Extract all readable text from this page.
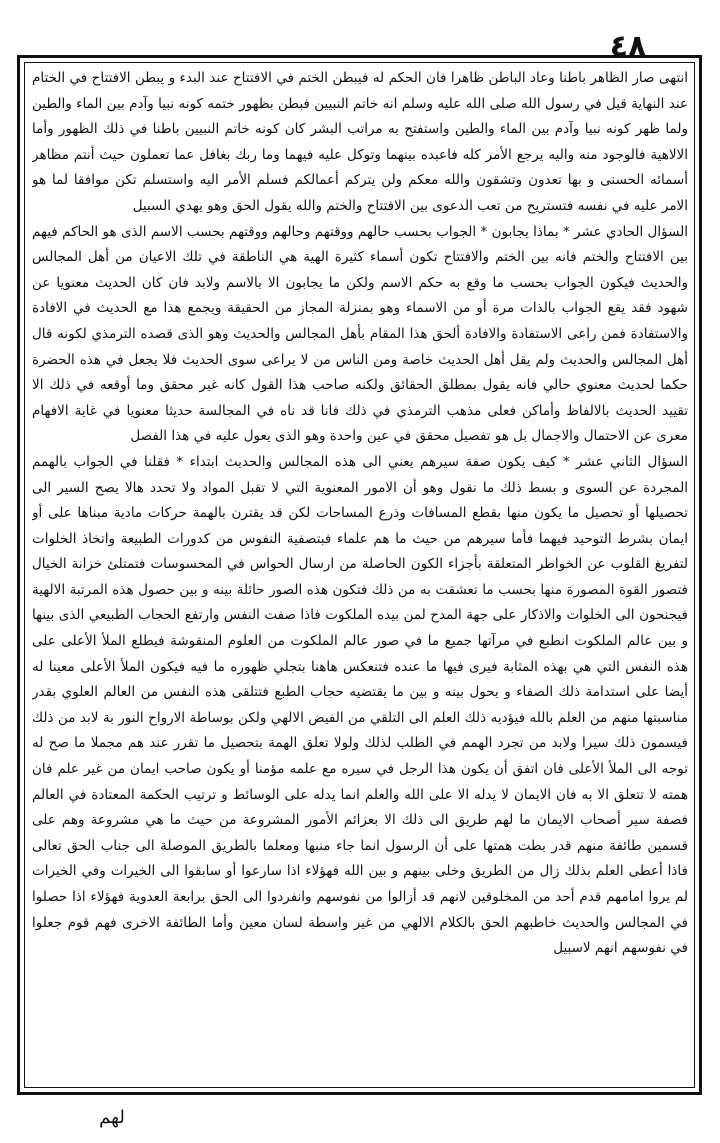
٤٨

انتهى صار الظاهر باطنا وعاد الباطن ظاهرا فان الحكم له فيبطن الختم في الافتتاح عند البدء و يبطن الافتتاح في الختام عند النهاية قيل في رسول الله صلى الله عليه وسلم انه خاتم النبيين فبطن بظهور ختمه كونه نبيا وآدم بين الماء والطين ولما ظهر كونه نبيا وآدم بين الماء والطين واستفتح به مراتب البشر كان كونه خاتم النبيين باطنا في ذلك الظهور وأما الالاهية فالوجود منه واليه يرجع الأمر كله فاعبده بينهما وتوكل عليه فيهما وما ربك بغافل عما تعملون حيث أنتم مظاهر أسمائه الحسنى و بها تعدون وتشقون والله معكم ولن يتركم أعمالكم فسلم الأمر اليه واستسلم تكن موافقا لما هو الامر عليه في نفسه فتستريح من تعب الدعوى بين الافتتاح والختم والله يقول الحق وهو يهدي السبيل

السؤال الحادي عشر * بماذا يجابون * الجواب بحسب حالهم ووقتهم وحالهم ووقتهم بحسب الاسم الذى هو الحاكم فيهم بين الافتتاح والختم فانه بين الختم والافتتاح تكون أسماء كثيرة الهية هي الناطقة في تلك الاعيان من أهل المجالس والحديث فيكون الجواب بحسب ما وقع به حكم الاسم ولكن ما يجابون الا بالاسم ولابد فان كان الحديث معنويا عن شهود فقد يقع الجواب بالذات مرة أو من الاسماء وهو بمنزلة المجاز من الحقيقة ويجمع هذا مع الحديث في الافادة والاستفادة فمن راعى الاستفادة والافادة ألحق هذا المقام بأهل المجالس والحديث وهو الذى قصده الترمذي لكونه قال أهل المجالس والحديث ولم يقل أهل الحديث خاصة ومن الناس من لا يراعى سوى الحديث فلا يجعل في هذه الحضرة حكما لحديث معنوي حالي فانه يقول بمطلق الحقائق ولكنه صاحب هذا القول كانه غير محقق وما أوقعه في ذلك الا تقييد الحديث بالالفاظ وأماكن فعلى مذهب الترمذي في ذلك فانا قد ناه في المجالسة حديثا معنويا في غاية الافهام معرى عن الاحتمال والاجمال بل هو تفصيل محقق في عين واحدة وهو الذى يعول عليه في هذا الفصل

السؤال الثاني عشر * كيف يكون صفة سيرهم يعني الى هذه المجالس والحديث ابتداء * فقلنا في الجواب بالهمم المجردة عن السوى و بسط ذلك ما نقول وهو أن الامور المعنوية التي لا تقبل المواد ولا تحدد هالا يصح السير الى تحصيلها أو تحصيل ما يكون منها بقطع المسافات وذرع المساحات لكن قد يقترن بالهمة حركات مادية مبناها على أو ايمان بشرط التوحيد فيهما فأما سيرهم من حيث ما هم علماء فبتصفية النفوس من كدورات الطبيعة واتخاذ الخلوات لتفريغ القلوب عن الخواطر المتعلقة بأجزاء الكون الحاصلة من ارسال الحواس في المحسوسات فتمتلئ خزانة الخيال فتصور القوة المصورة منها بحسب ما تعشقت به من ذلك فتكون هذه الصور حائلة بينه و بين حصول هذه المرتبة الالهية فيجنحون الى الخلوات والاذكار على جهة المدح لمن بيده الملكوت فاذا صفت النفس وارتفع الحجاب الطبيعي الذى بينها و بين عالم الملكوت انطبع في مرآتها جميع ما في صور عالم الملكوت من العلوم المنقوشة فيطلع الملأ الأعلى على هذه النفس التي هي بهذه المثابة فيرى فيها ما عنده فتنعكس هاهنا بتجلي ظهوره ما فيه فيكون الملأ الأعلى معينا له أيضا على استدامة ذلك الصفاء و يحول بينه و بين ما يقتضيه حجاب الطبع فتتلقى هذه النفس من العالم العلوي بقدر مناسبتها منهم من العلم بالله فيؤديه ذلك العلم الى التلقي من الفيض الالهي ولكن بوساطة الارواح النور بة لابد من ذلك فيسمون ذلك سيرا ولابد من تجرد الهمم في الطلب لذلك ولولا تعلق الهمة بتحصيل ما تقرر عند هم مجملا ما صح له توجه الى الملأ الأعلى فان اتفق أن يكون هذا الرجل في سيره مع علمه مؤمنا أو يكون صاحب ايمان من غير علم فان همته لا تتعلق الا به فان الايمان لا يدله الا على الله والعلم انما يدله على الوسائط و ترتيب الحكمة المعتادة في العالم فصفة سير أصحاب الايمان ما لهم طريق الى ذلك الا بعزائم الأمور المشروعة من حيث ما هي مشروعة وهم على قسمين طائفة منهم قدر بطت همتها على أن الرسول انما جاء منبها ومعلما بالطريق الموصلة الى جناب الحق تعالى فاذا أعطى العلم بذلك زال من الطريق وخلى بينهم و بين الله فهؤلاء اذا سارعوا أو سابقوا الى الخيرات وفي الخيرات لم يروا امامهم قدم أحد من المخلوقين لانهم قد أزالوا من نفوسهم وانفردوا الى الحق برابعة العدوية فهؤلاء اذا حصلوا في المجالس والحديث خاطبهم الحق بالكلام الالهي من غير واسطة لسان معين وأما الطائفة الاخرى فهم قوم جعلوا في نفوسهم انهم لاسبيل

لهم
